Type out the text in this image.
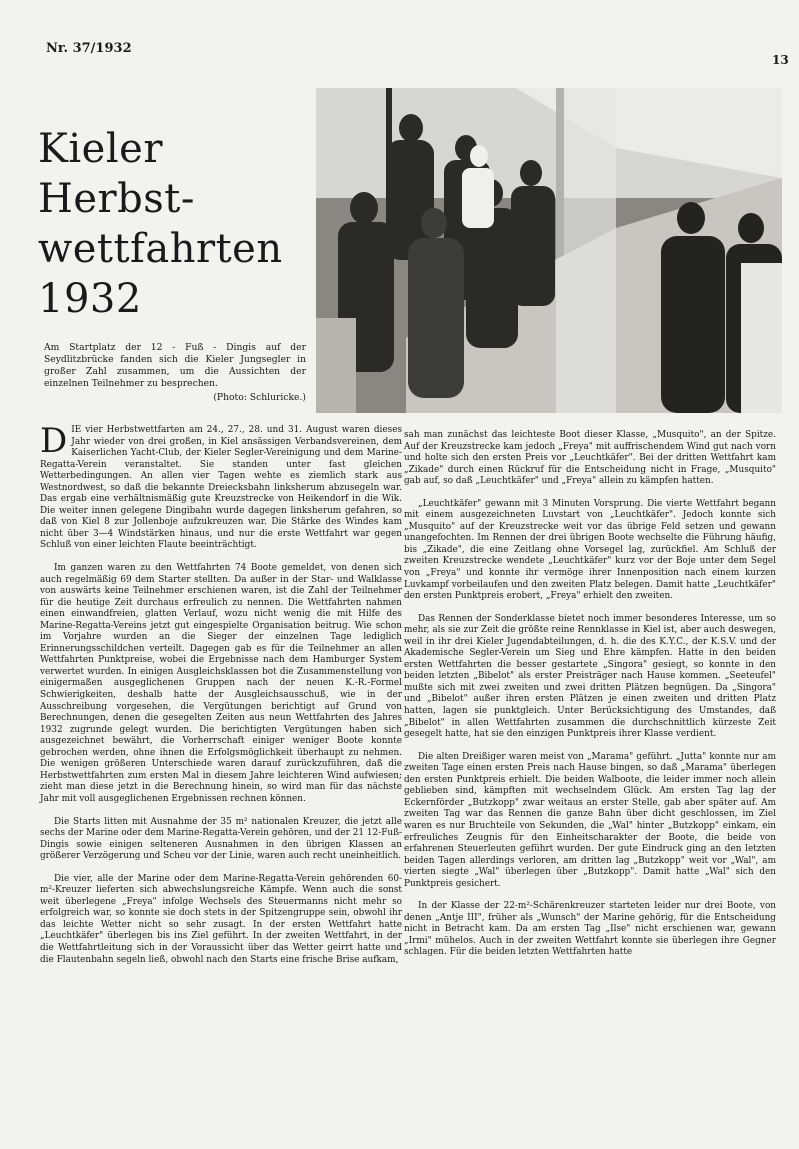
Nr. 37/1932
13
Kieler Herbst-
wettfahrten
1932
Am Startplatz der 12 - Fuß - Dingis auf der Seydlitzbrücke fanden sich die Kieler Jungsegler in großer Zahl zusammen, um die Aussichten der einzelnen Teilnehmer zu besprechen.
(Photo: Schluricke.)

DIE vier Herbstwettfarten am 24., 27., 28. und 31. August waren dieses Jahr wieder von drei großen, in Kiel ansässigen Verbandsvereinen, dem Kaiserlichen Yacht-Club, der Kieler Segler-Vereinigung und dem Marine-Regatta-Verein veranstaltet. Sie standen unter fast gleichen Wetterbedingungen. An allen vier Tagen wehte es ziemlich stark aus Westnordwest, so daß die bekannte Dreiecksbahn linksherum abzusegeln war. Das ergab eine verhältnismäßig gute Kreuzstrecke von Heikendorf in die Wik. Die weiter innen gelegene Dingibahn wurde dagegen linksherum gefahren, so daß von Kiel 8 zur Jollenboje aufzukreuzen war. Die Stärke des Windes kam nicht über 3—4 Windstärken hinaus, und nur die erste Wettfahrt war gegen Schluß von einer leichten Flaute beeinträchtigt.

Im ganzen waren zu den Wettfahrten 74 Boote gemeldet, von denen sich auch regelmäßig 69 dem Starter stellten. Da außer in der Star- und Walklasse von auswärts keine Teilnehmer erschienen waren, ist die Zahl der Teilnehmer für die heutige Zeit durchaus erfreulich zu nennen. Die Wettfahrten nahmen einen einwandfreien, glatten Verlauf, wozu nicht wenig die mit Hilfe des Marine-Regatta-Vereins jetzt gut eingespielte Organisation beitrug. Wie schon im Vorjahre wurden an die Sieger der einzelnen Tage lediglich Erinnerungsschildchen verteilt. Dagegen gab es für die Teilnehmer an allen Wettfahrten Punktpreise, wobei die Ergebnisse nach dem Hamburger System verwertet wurden. In einigen Ausgleichsklassen bot die Zusammenstellung von einigermaßen ausgeglichenen Gruppen nach der neuen K.-R.-Formel Schwierigkeiten, deshalb hatte der Ausgleichsausschuß, wie in der Ausschreibung vorgesehen, die Vergütungen berichtigt auf Grund von Berechnungen, denen die gesegelten Zeiten aus neun Wettfahrten des Jahres 1932 zugrunde gelegt wurden. Die berichtigten Vergütungen haben sich ausgezeichnet bewährt, die Vorherrschaft einiger weniger Boote konnte gebrochen werden, ohne ihnen die Erfolgsmöglichkeit überhaupt zu nehmen. Die wenigen größeren Unterschiede waren darauf zurückzuführen, daß die Herbstwettfahrten zum ersten Mal in diesem Jahre leichteren Wind aufwiesen; zieht man diese jetzt in die Berechnung hinein, so wird man für das nächste Jahr mit voll ausgeglichenen Ergebnissen rechnen können.

Die Starts litten mit Ausnahme der 35 m² nationalen Kreuzer, die jetzt alle sechs der Marine oder dem Marine-Regatta-Verein gehören, und der 21 12-Fuß-Dingis sowie einigen selteneren Ausnahmen in den übrigen Klassen an größerer Verzögerung und Scheu vor der Linie, waren auch recht uneinheitlich.

Die vier, alle der Marine oder dem Marine-Regatta-Verein gehörenden 60-m²-Kreuzer lieferten sich abwechslungsreiche Kämpfe. Wenn auch die sonst weit überlegene „Freya" infolge Wechsels des Steuermanns nicht mehr so erfolgreich war, so konnte sie doch stets in der Spitzengruppe sein, obwohl ihr das leichte Wetter nicht so sehr zusagt. In der ersten Wettfahrt hatte „Leuchtkäfer" überlegen bis ins Ziel geführt. In der zweiten Wettfahrt, in der die Wettfahrtleitung sich in der Voraussicht über das Wetter geirrt hatte und die Flautenbahn segeln ließ, obwohl nach den Starts eine frische Brise aufkam,

sah man zunächst das leichteste Boot dieser Klasse, „Musquito", an der Spitze. Auf der Kreuzstrecke kam jedoch „Freya" mit auffrischendem Wind gut nach vorn und holte sich den ersten Preis vor „Leuchtkäfer". Bei der dritten Wettfahrt kam „Zikade" durch einen Rückruf für die Entscheidung nicht in Frage, „Musquito" gab auf, so daß „Leuchtkäfer" und „Freya" allein zu kämpfen hatten.

„Leuchtkäfer" gewann mit 3 Minuten Vorsprung. Die vierte Wettfahrt begann mit einem ausgezeichneten Luvstart von „Leuchtkäfer". Jedoch konnte sich „Musquito" auf der Kreuzstrecke weit vor das übrige Feld setzen und gewann unangefochten. Im Rennen der drei übrigen Boote wechselte die Führung häufig, bis „Zikade", die eine Zeitlang ohne Vorsegel lag, zurückfiel. Am Schluß der zweiten Kreuzstrecke wendete „Leuchtkäfer" kurz vor der Boje unter dem Segel von „Freya" und konnte ihr vermöge ihrer Innenposition nach einem kurzen Luvkampf vorbeilaufen und den zweiten Platz belegen. Damit hatte „Leuchtkäfer" den ersten Punktpreis erobert, „Freya" erhielt den zweiten.

Das Rennen der Sonderklasse bietet noch immer besonderes Interesse, um so mehr, als sie zur Zeit die größte reine Rennklasse in Kiel ist, aber auch deswegen, weil in ihr drei Kieler Jugendabteilungen, d. h. die des K.Y.C., der K.S.V. und der Akademische Segler-Verein um Sieg und Ehre kämpfen. Hatte in den beiden ersten Wettfahrten die besser gestartete „Singora" gesiegt, so konnte in den beiden letzten „Bibelot" als erster Preisträger nach Hause kommen. „Seeteufel" mußte sich mit zwei zweiten und zwei dritten Plätzen begnügen. Da „Singora" und „Bibelot" außer ihren ersten Plätzen je einen zweiten und dritten Platz hatten, lagen sie punktgleich. Unter Berücksichtigung des Umstandes, daß „Bibelot" in allen Wettfahrten zusammen die durchschnittlich kürzeste Zeit gesegelt hatte, hat sie den einzigen Punktpreis ihrer Klasse verdient.

Die alten Dreißiger waren meist von „Marama" geführt. „Jutta" konnte nur am zweiten Tage einen ersten Preis nach Hause bingen, so daß „Marama" überlegen den ersten Punktpreis erhielt. Die beiden Walboote, die leider immer noch allein geblieben sind, kämpften mit wechselndem Glück. Am ersten Tag lag der Eckernförder „Butzkopp" zwar weitaus an erster Stelle, gab aber später auf. Am zweiten Tag war das Rennen die ganze Bahn über dicht geschlossen, im Ziel waren es nur Bruchteile von Sekunden, die „Wal" hinter „Butzkopp" einkam, ein erfreuliches Zeugnis für den Einheitscharakter der Boote, die beide von erfahrenen Steuerleuten geführt wurden. Der gute Eindruck ging an den letzten beiden Tagen allerdings verloren, am dritten lag „Butzkopp" weit vor „Wal", am vierten siegte „Wal" überlegen über „Butzkopp". Damit hatte „Wal" sich den Punktpreis gesichert.

In der Klasse der 22-m²-Schärenkreuzer starteten leider nur drei Boote, von denen „Antje III", früher als „Wunsch" der Marine gehörig, für die Entscheidung nicht in Betracht kam. Da am ersten Tag „Ilse" nicht erschienen war, gewann „Irmi" mühelos. Auch in der zweiten Wettfahrt konnte sie überlegen ihre Gegner schlagen. Für die beiden letzten Wettfahrten hatte
